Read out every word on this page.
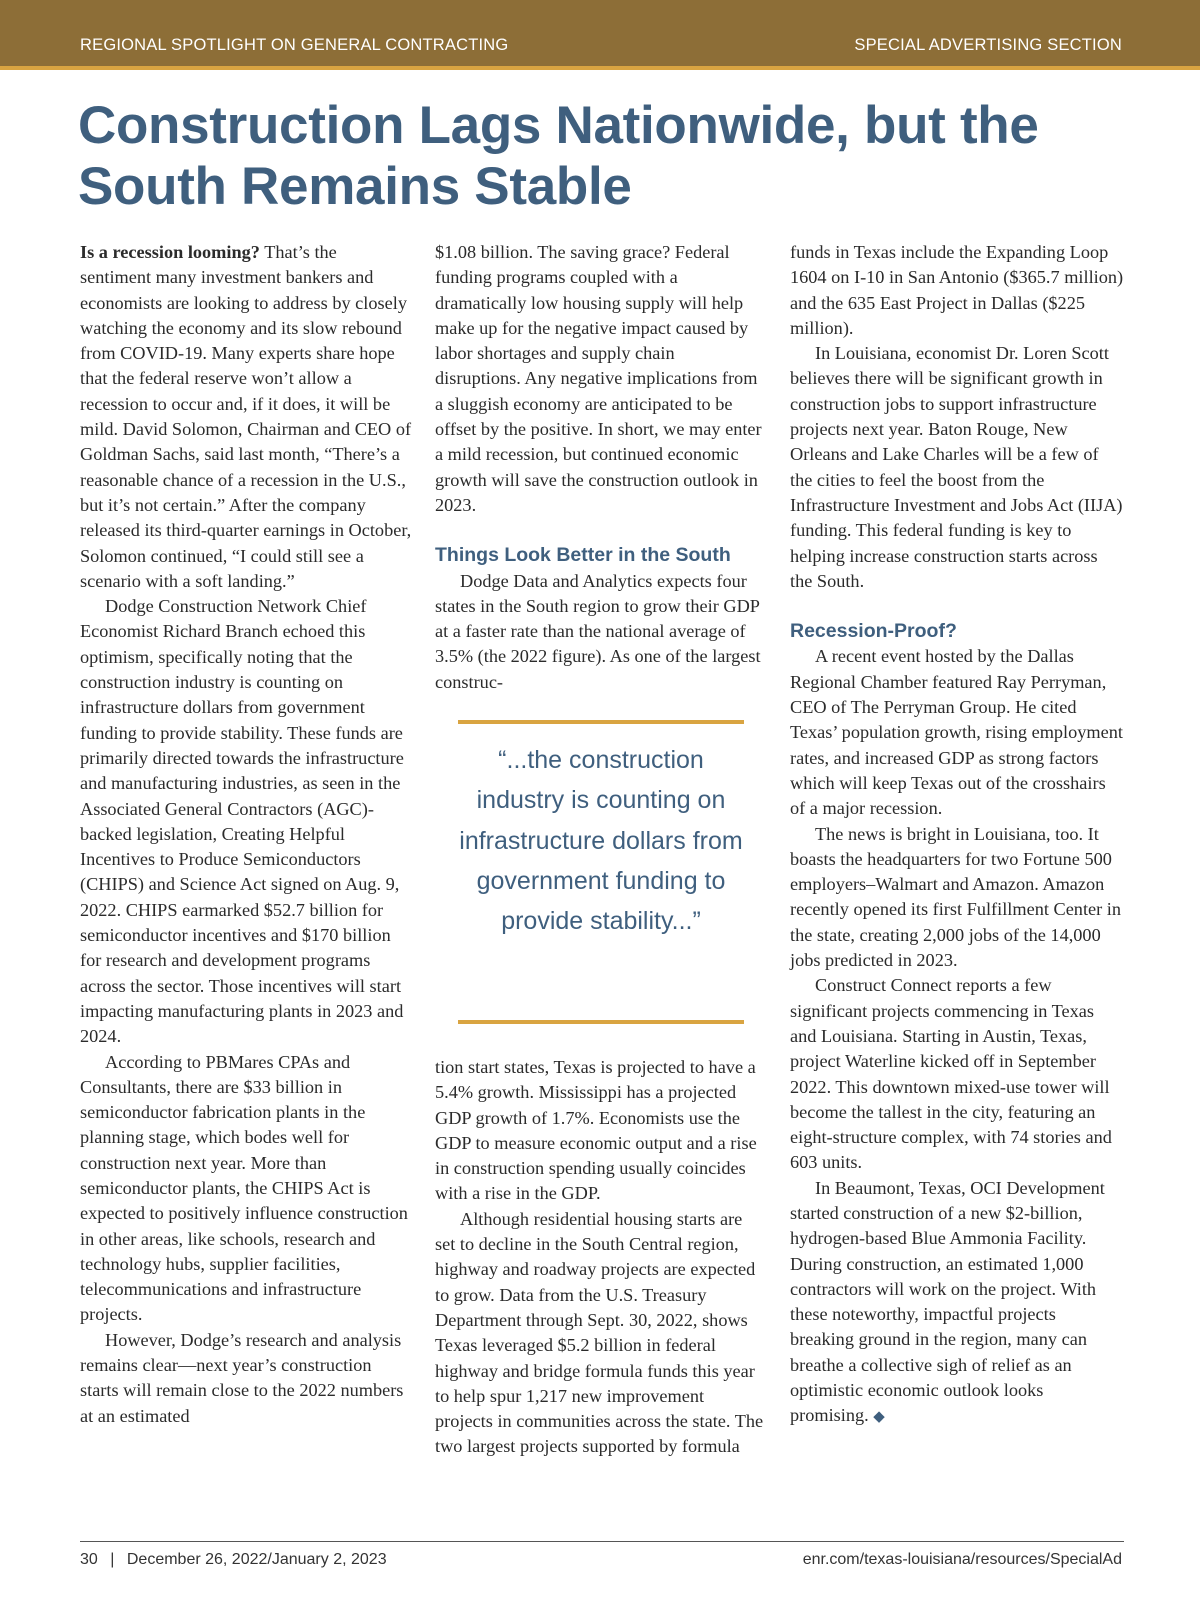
REGIONAL SPOTLIGHT ON GENERAL CONTRACTING	SPECIAL ADVERTISING SECTION
Construction Lags Nationwide, but the South Remains Stable

Is a recession looming? That’s the sentiment many investment bankers and economists are looking to address by closely watching the economy and its slow rebound from COVID-19. Many experts share hope that the federal reserve won’t allow a recession to occur and, if it does, it will be mild. David Solomon, Chairman and CEO of Goldman Sachs, said last month, “There’s a reasonable chance of a recession in the U.S., but it’s not certain.” After the company released its third-quarter earnings in October, Solomon continued, “I could still see a scenario with a soft landing.”

Dodge Construction Network Chief Economist Richard Branch echoed this optimism, specifically noting that the construction industry is counting on infrastructure dollars from government funding to provide stability. These funds are primarily directed towards the infrastructure and manufacturing industries, as seen in the Associated General Contractors (AGC)-backed legislation, Creating Helpful Incentives to Produce Semiconductors (CHIPS) and Science Act signed on Aug. 9, 2022. CHIPS earmarked $52.7 billion for semiconductor incentives and $170 billion for research and development programs across the sector. Those incentives will start impacting manufacturing plants in 2023 and 2024.

According to PBMares CPAs and Consultants, there are $33 billion in semiconductor fabrication plants in the planning stage, which bodes well for construction next year. More than semiconductor plants, the CHIPS Act is expected to positively influence construction in other areas, like schools, research and technology hubs, supplier facilities, telecommunications and infrastructure projects.

However, Dodge’s research and analysis remains clear—next year’s construction starts will remain close to the 2022 numbers at an estimated

$1.08 billion. The saving grace? Federal funding programs coupled with a dramatically low housing supply will help make up for the negative impact caused by labor shortages and supply chain disruptions. Any negative implications from a sluggish economy are anticipated to be offset by the positive. In short, we may enter a mild recession, but continued economic growth will save the construction outlook in 2023.

Things Look Better in the South

Dodge Data and Analytics expects four states in the South region to grow their GDP at a faster rate than the national average of 3.5% (the 2022 figure). As one of the largest construc-

“...the construction industry is counting on infrastructure dollars from government funding to provide stability...”

tion start states, Texas is projected to have a 5.4% growth. Mississippi has a projected GDP growth of 1.7%. Economists use the GDP to measure economic output and a rise in construction spending usually coincides with a rise in the GDP.

Although residential housing starts are set to decline in the South Central region, highway and roadway projects are expected to grow. Data from the U.S. Treasury Department through Sept. 30, 2022, shows Texas leveraged $5.2 billion in federal highway and bridge formula funds this year to help spur 1,217 new improvement projects in communities across the state. The two largest projects supported by formula

funds in Texas include the Expanding Loop 1604 on I-10 in San Antonio ($365.7 million) and the 635 East Project in Dallas ($225 million).

In Louisiana, economist Dr. Loren Scott believes there will be significant growth in construction jobs to support infrastructure projects next year. Baton Rouge, New Orleans and Lake Charles will be a few of the cities to feel the boost from the Infrastructure Investment and Jobs Act (IIJA) funding. This federal funding is key to helping increase construction starts across the South.

Recession-Proof?

A recent event hosted by the Dallas Regional Chamber featured Ray Perryman, CEO of The Perryman Group. He cited Texas’ population growth, rising employment rates, and increased GDP as strong factors which will keep Texas out of the crosshairs of a major recession.

The news is bright in Louisiana, too. It boasts the headquarters for two Fortune 500 employers–Walmart and Amazon. Amazon recently opened its first Fulfillment Center in the state, creating 2,000 jobs of the 14,000 jobs predicted in 2023.

Construct Connect reports a few significant projects commencing in Texas and Louisiana. Starting in Austin, Texas, project Waterline kicked off in September 2022. This downtown mixed-use tower will become the tallest in the city, featuring an eight-structure complex, with 74 stories and 603 units.

In Beaumont, Texas, OCI Development started construction of a new $2-billion, hydrogen-based Blue Ammonia Facility. During construction, an estimated 1,000 contractors will work on the project. With these noteworthy, impactful projects breaking ground in the region, many can breathe a collective sigh of relief as an optimistic economic outlook looks promising. ◆

30 | December 26, 2022/January 2, 2023	enr.com/texas-louisiana/resources/SpecialAd
